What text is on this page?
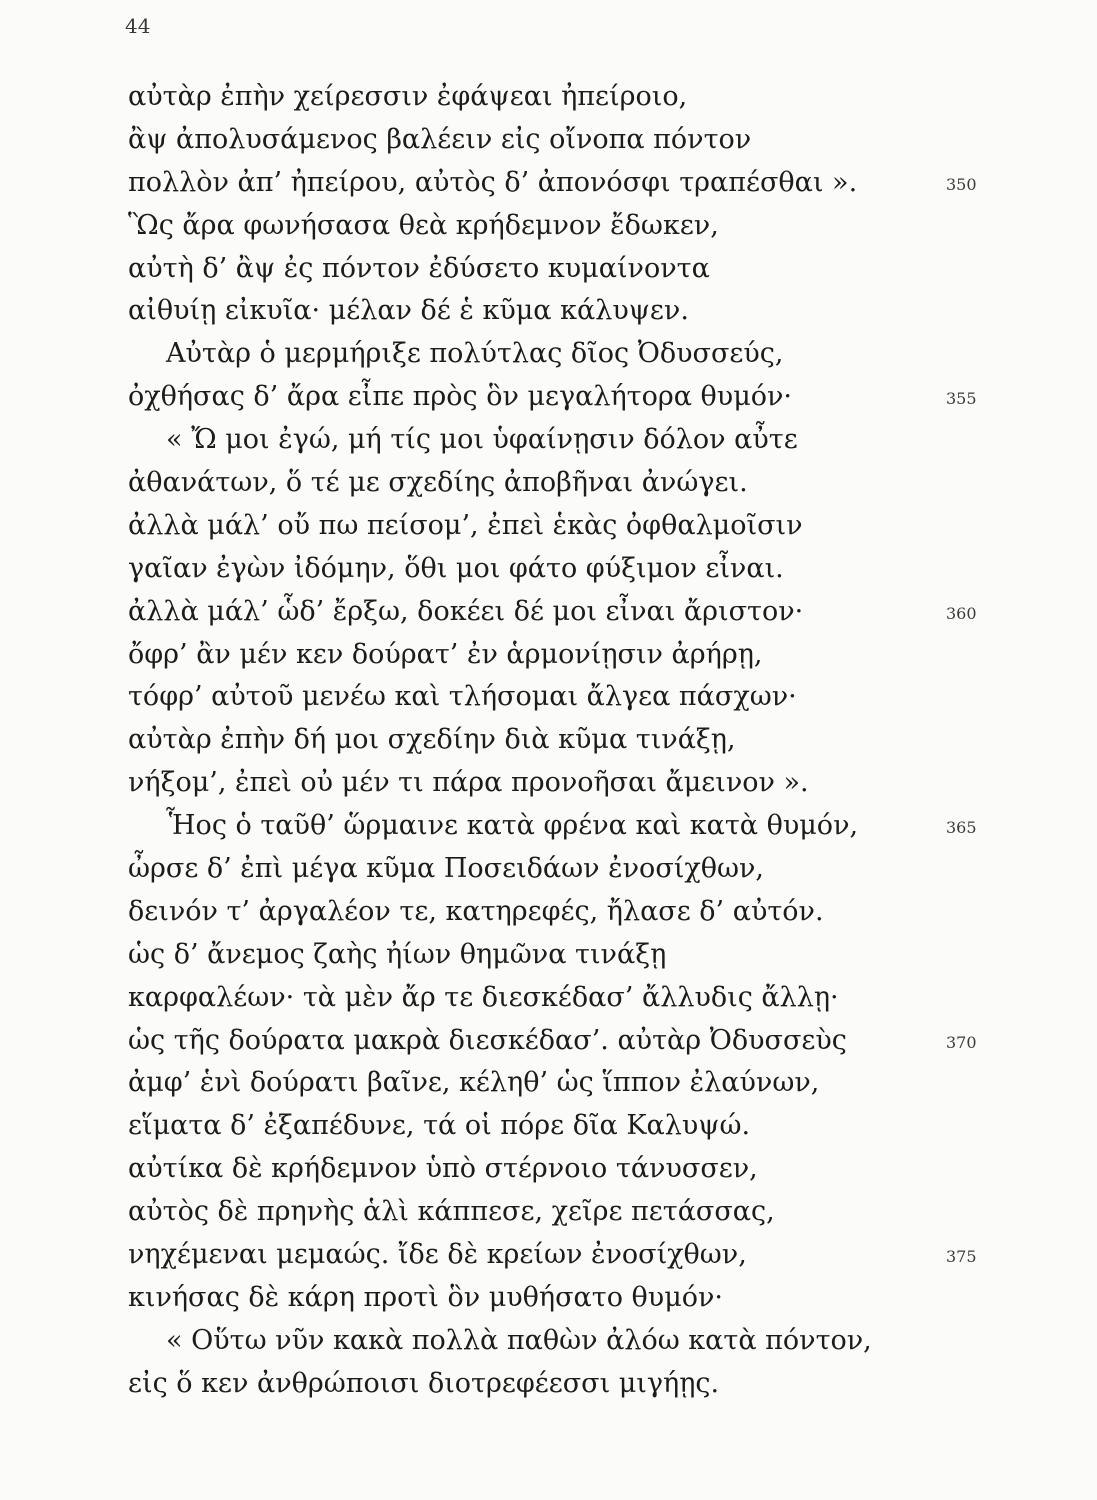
44
αὐτὰρ ἐπὴν χείρεσσιν ἐφάψεαι ἠπείροιο,
ἂψ ἀπολυσάμενος βαλέειν εἰς οἴνοπα πόντον
πολλὸν ἀπ’ ἠπείρου, αὐτὸς δ’ ἀπονόσφι τραπέσθαι ».	350
Ὣς ἄρα φωνήσασα θεὰ κρήδεμνον ἔδωκεν,
αὐτὴ δ’ ἂψ ἐς πόντον ἐδύσετο κυμαίνοντα
αἰθυίῃ εἰκυῖα· μέλαν δέ ἑ κῦμα κάλυψεν.
Αὐτὰρ ὁ μερμήριξε πολύτλας δῖος Ὀδυσσεύς,
ὀχθήσας δ’ ἄρα εἶπε πρὸς ὃν μεγαλήτορα θυμόν·	355
« Ὤ μοι ἐγώ, μή τίς μοι ὑφαίνῃσιν δόλον αὖτε
ἀθανάτων, ὅ τέ με σχεδίης ἀποβῆναι ἀνώγει.
ἀλλὰ μάλ’ οὔ πω πείσομ’, ἐπεὶ ἑκὰς ὀφθαλμοῖσιν
γαῖαν ἐγὼν ἰδόμην, ὅθι μοι φάτο φύξιμον εἶναι.
ἀλλὰ μάλ’ ὧδ’ ἔρξω, δοκέει δέ μοι εἶναι ἄριστον·	360
ὄφρ’ ἂν μέν κεν δούρατ’ ἐν ἁρμονίῃσιν ἀρήρῃ,
τόφρ’ αὐτοῦ μενέω καὶ τλήσομαι ἄλγεα πάσχων·
αὐτὰρ ἐπὴν δή μοι σχεδίην διὰ κῦμα τινάξῃ,
νήξομ’, ἐπεὶ οὐ μέν τι πάρα προνοῆσαι ἄμεινον ».
Ἧος ὁ ταῦθ’ ὥρμαινε κατὰ φρένα καὶ κατὰ θυμόν,	365
ὦρσε δ’ ἐπὶ μέγα κῦμα Ποσειδάων ἐνοσίχθων,
δεινόν τ’ ἀργαλέον τε, κατηρεφές, ἤλασε δ’ αὐτόν.
ὡς δ’ ἄνεμος ζαὴς ἠίων θημῶνα τινάξῃ
καρφαλέων· τὰ μὲν ἄρ τε διεσκέδασ’ ἄλλυδις ἄλλῃ·
ὡς τῆς δούρατα μακρὰ διεσκέδασ’. αὐτὰρ Ὀδυσσεὺς	370
ἀμφ’ ἑνὶ δούρατι βαῖνε, κέληθ’ ὡς ἵππον ἐλαύνων,
εἵματα δ’ ἐξαπέδυνε, τά οἱ πόρε δῖα Καλυψώ.
αὐτίκα δὲ κρήδεμνον ὑπὸ στέρνοιο τάνυσσεν,
αὐτὸς δὲ πρηνὴς ἁλὶ κάππεσε, χεῖρε πετάσσας,
νηχέμεναι μεμαώς. ἴδε δὲ κρείων ἐνοσίχθων,	375
κινήσας δὲ κάρη προτὶ ὃν μυθήσατο θυμόν·
« Οὕτω νῦν κακὰ πολλὰ παθὼν ἀλόω κατὰ πόντον,
εἰς ὅ κεν ἀνθρώποισι διοτρεφέεσσι μιγήῃς.
